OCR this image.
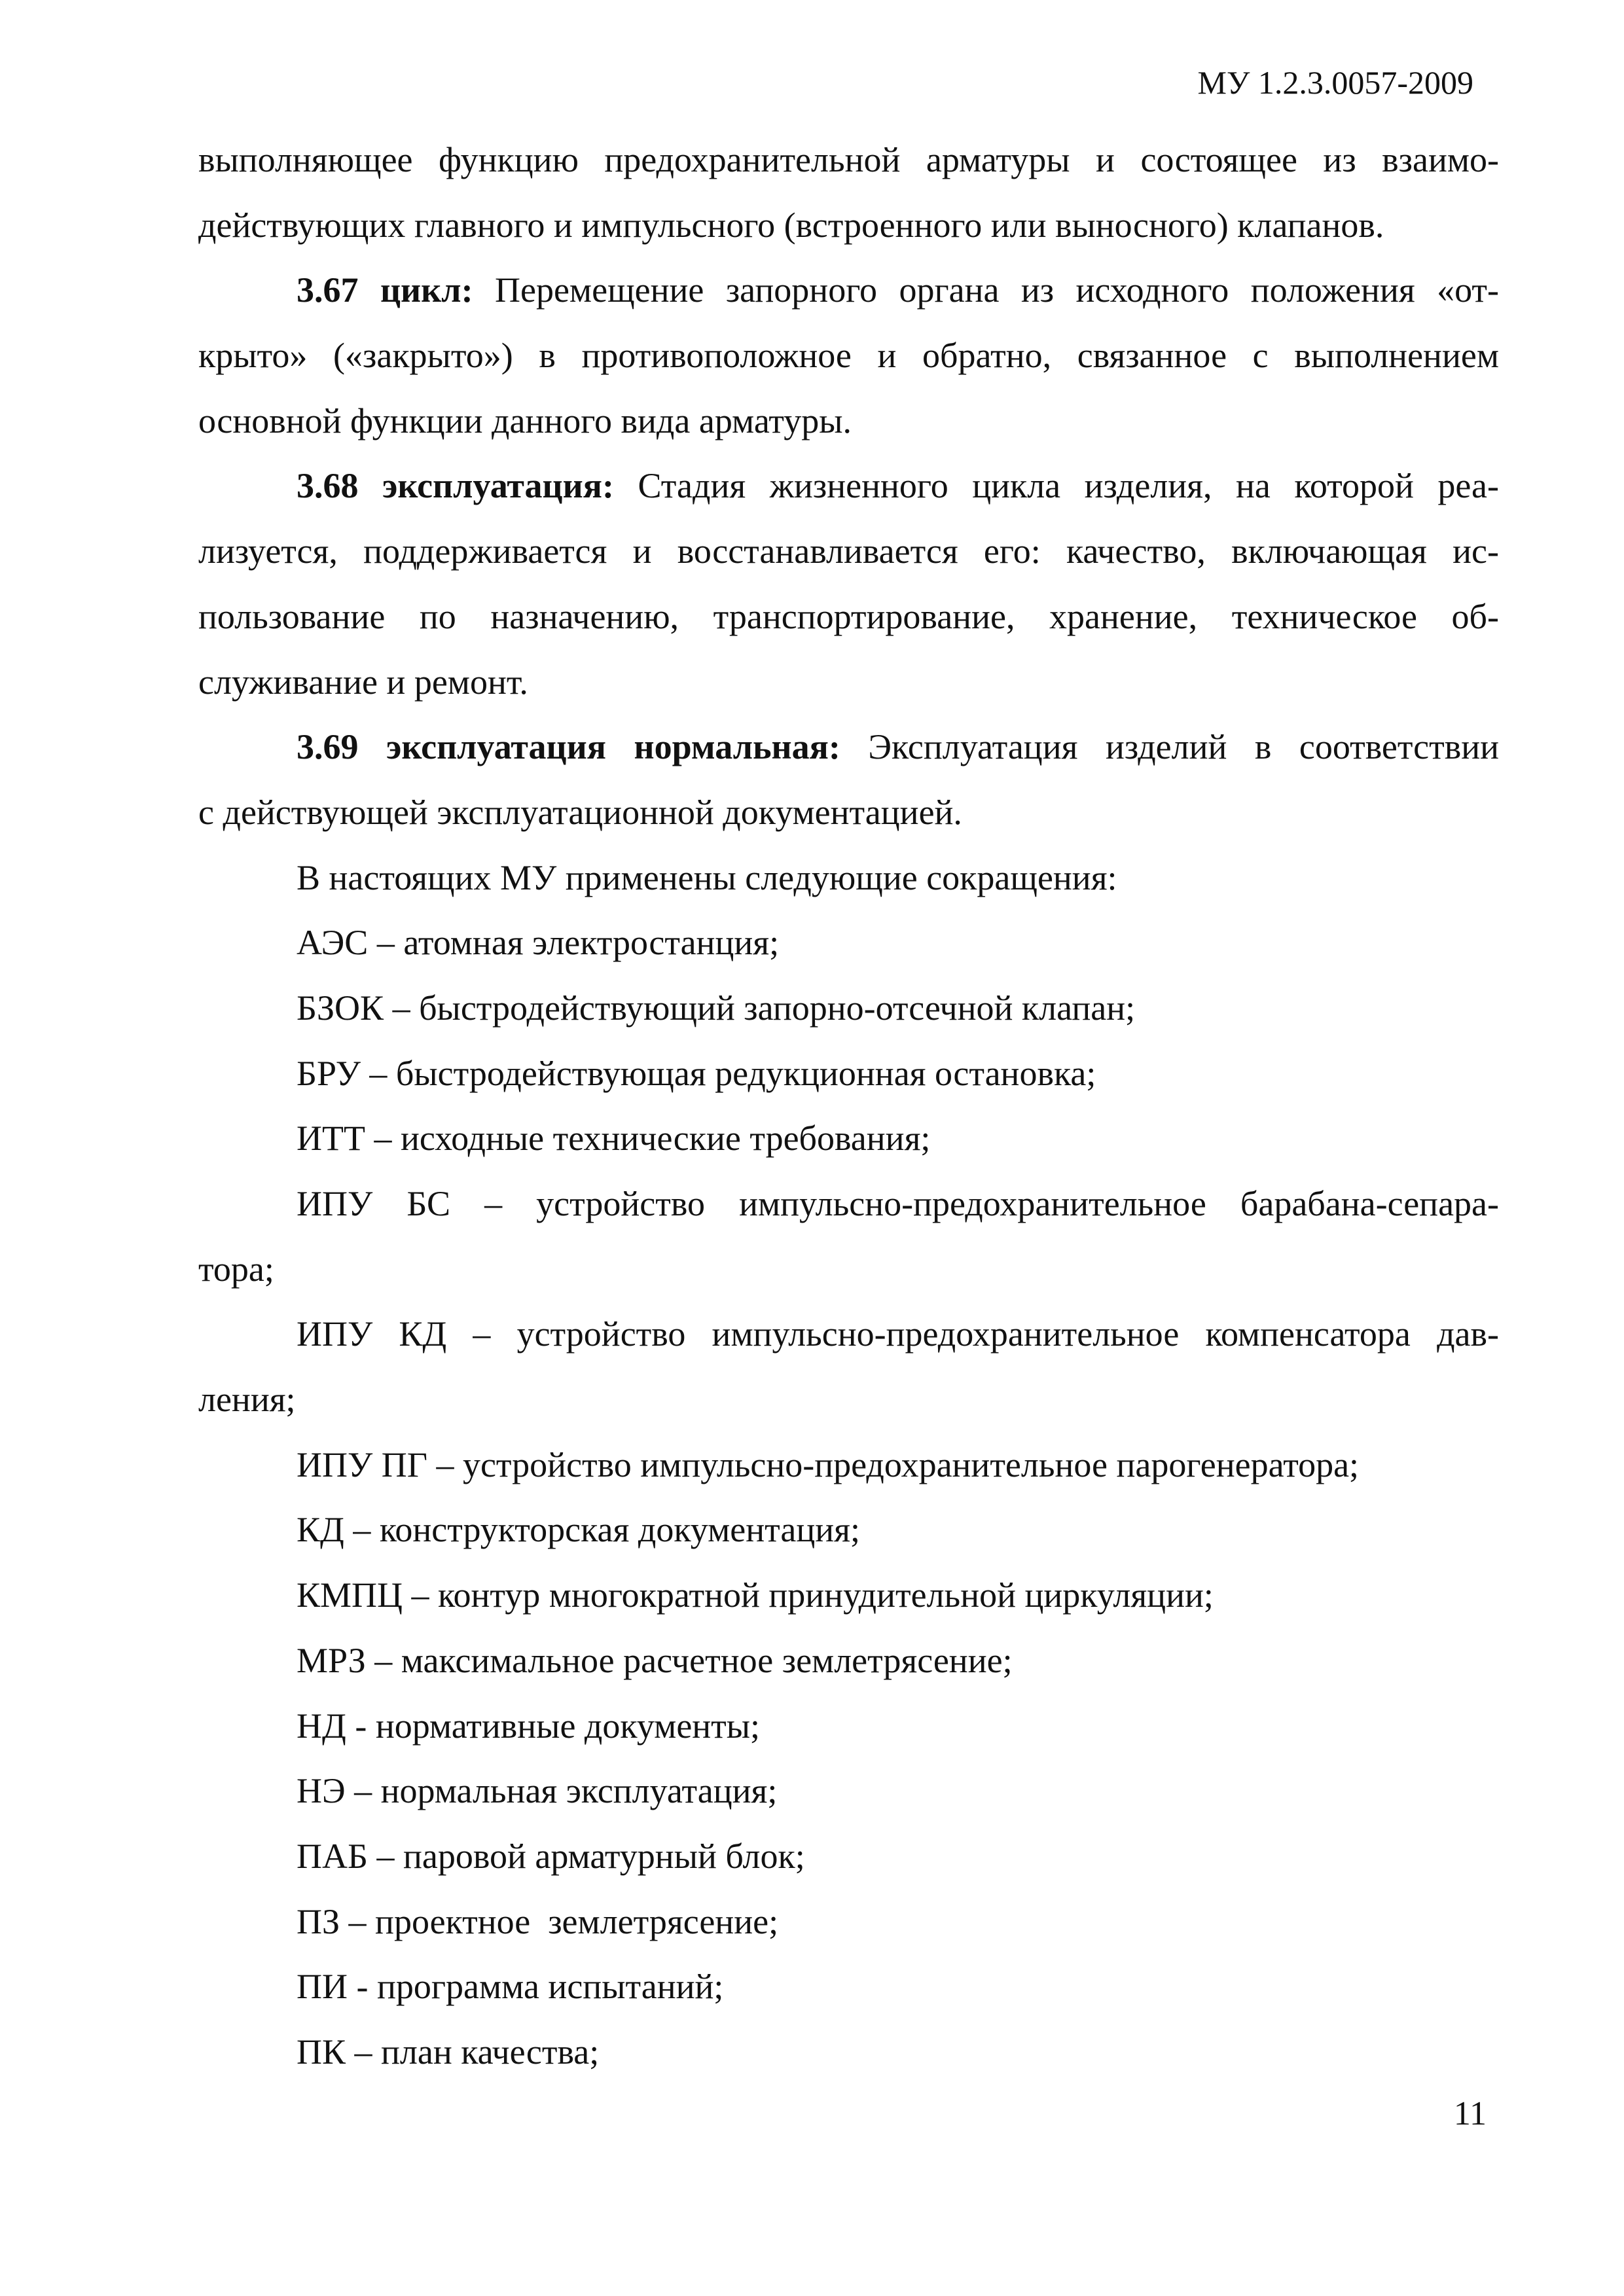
МУ 1.2.3.0057-2009
выполняющее функцию предохранительной арматуры и состоящее из взаимо-
действующих главного и импульсного (встроенного или выносного) клапанов.
3.67 цикл: Перемещение запорного органа из исходного положения «от-
крыто» («закрыто») в противоположное и обратно, связанное с выполнением
основной функции данного вида арматуры.
3.68 эксплуатация: Стадия жизненного цикла изделия, на которой реа-
лизуется, поддерживается и восстанавливается его: качество, включающая ис-
пользование по назначению, транспортирование, хранение, техническое об-
служивание и ремонт.
3.69 эксплуатация нормальная: Эксплуатация изделий в соответствии
с действующей эксплуатационной документацией.
В настоящих МУ применены следующие сокращения:
АЭС – атомная электростанция;
БЗОК – быстродействующий запорно-отсечной клапан;
БРУ – быстродействующая редукционная остановка;
ИТТ – исходные технические требования;
ИПУ БС – устройство импульсно-предохранительное барабана-сепара-
тора;
ИПУ КД – устройство импульсно-предохранительное компенсатора дав-
ления;
ИПУ ПГ – устройство импульсно-предохранительное парогенератора;
КД – конструкторская документация;
КМПЦ – контур многократной принудительной циркуляции;
МРЗ – максимальное расчетное землетрясение;
НД - нормативные документы;
НЭ – нормальная эксплуатация;
ПАБ – паровой арматурный блок;
ПЗ – проектное  землетрясение;
ПИ - программа испытаний;
ПК – план качества;
11
